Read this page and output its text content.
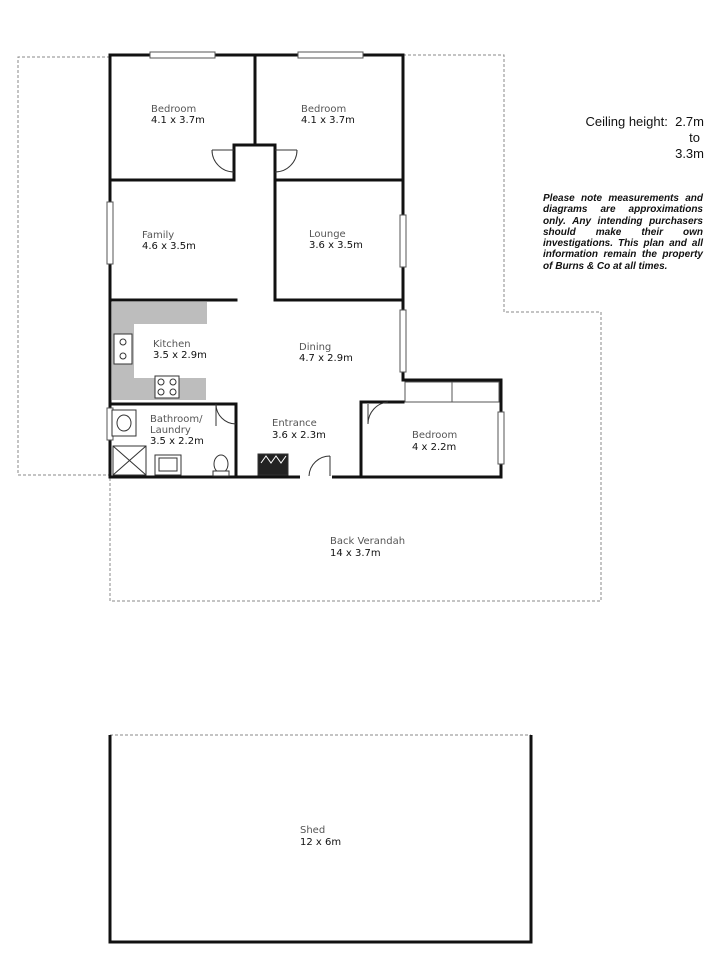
Ceiling height: 2.7m
to
3.3m
Please note measurements and diagrams are approximations only. Any intending purchasers should make their own investigations. This plan and all information remain the property of Burns & Co at all times.
Bedroom
4.1 x 3.7m
Bedroom
4.1 x 3.7m
Family
4.6 x 3.5m
Lounge
3.6 x 3.5m
Kitchen
3.5 x 2.9m
Dining
4.7 x 2.9m
Bathroom/
Laundry
3.5 x 2.2m
Entrance
3.6 x 2.3m	Bedroom
4 x 2.2m
Back Verandah
14 x 3.7m
Shed
12 x 6m
